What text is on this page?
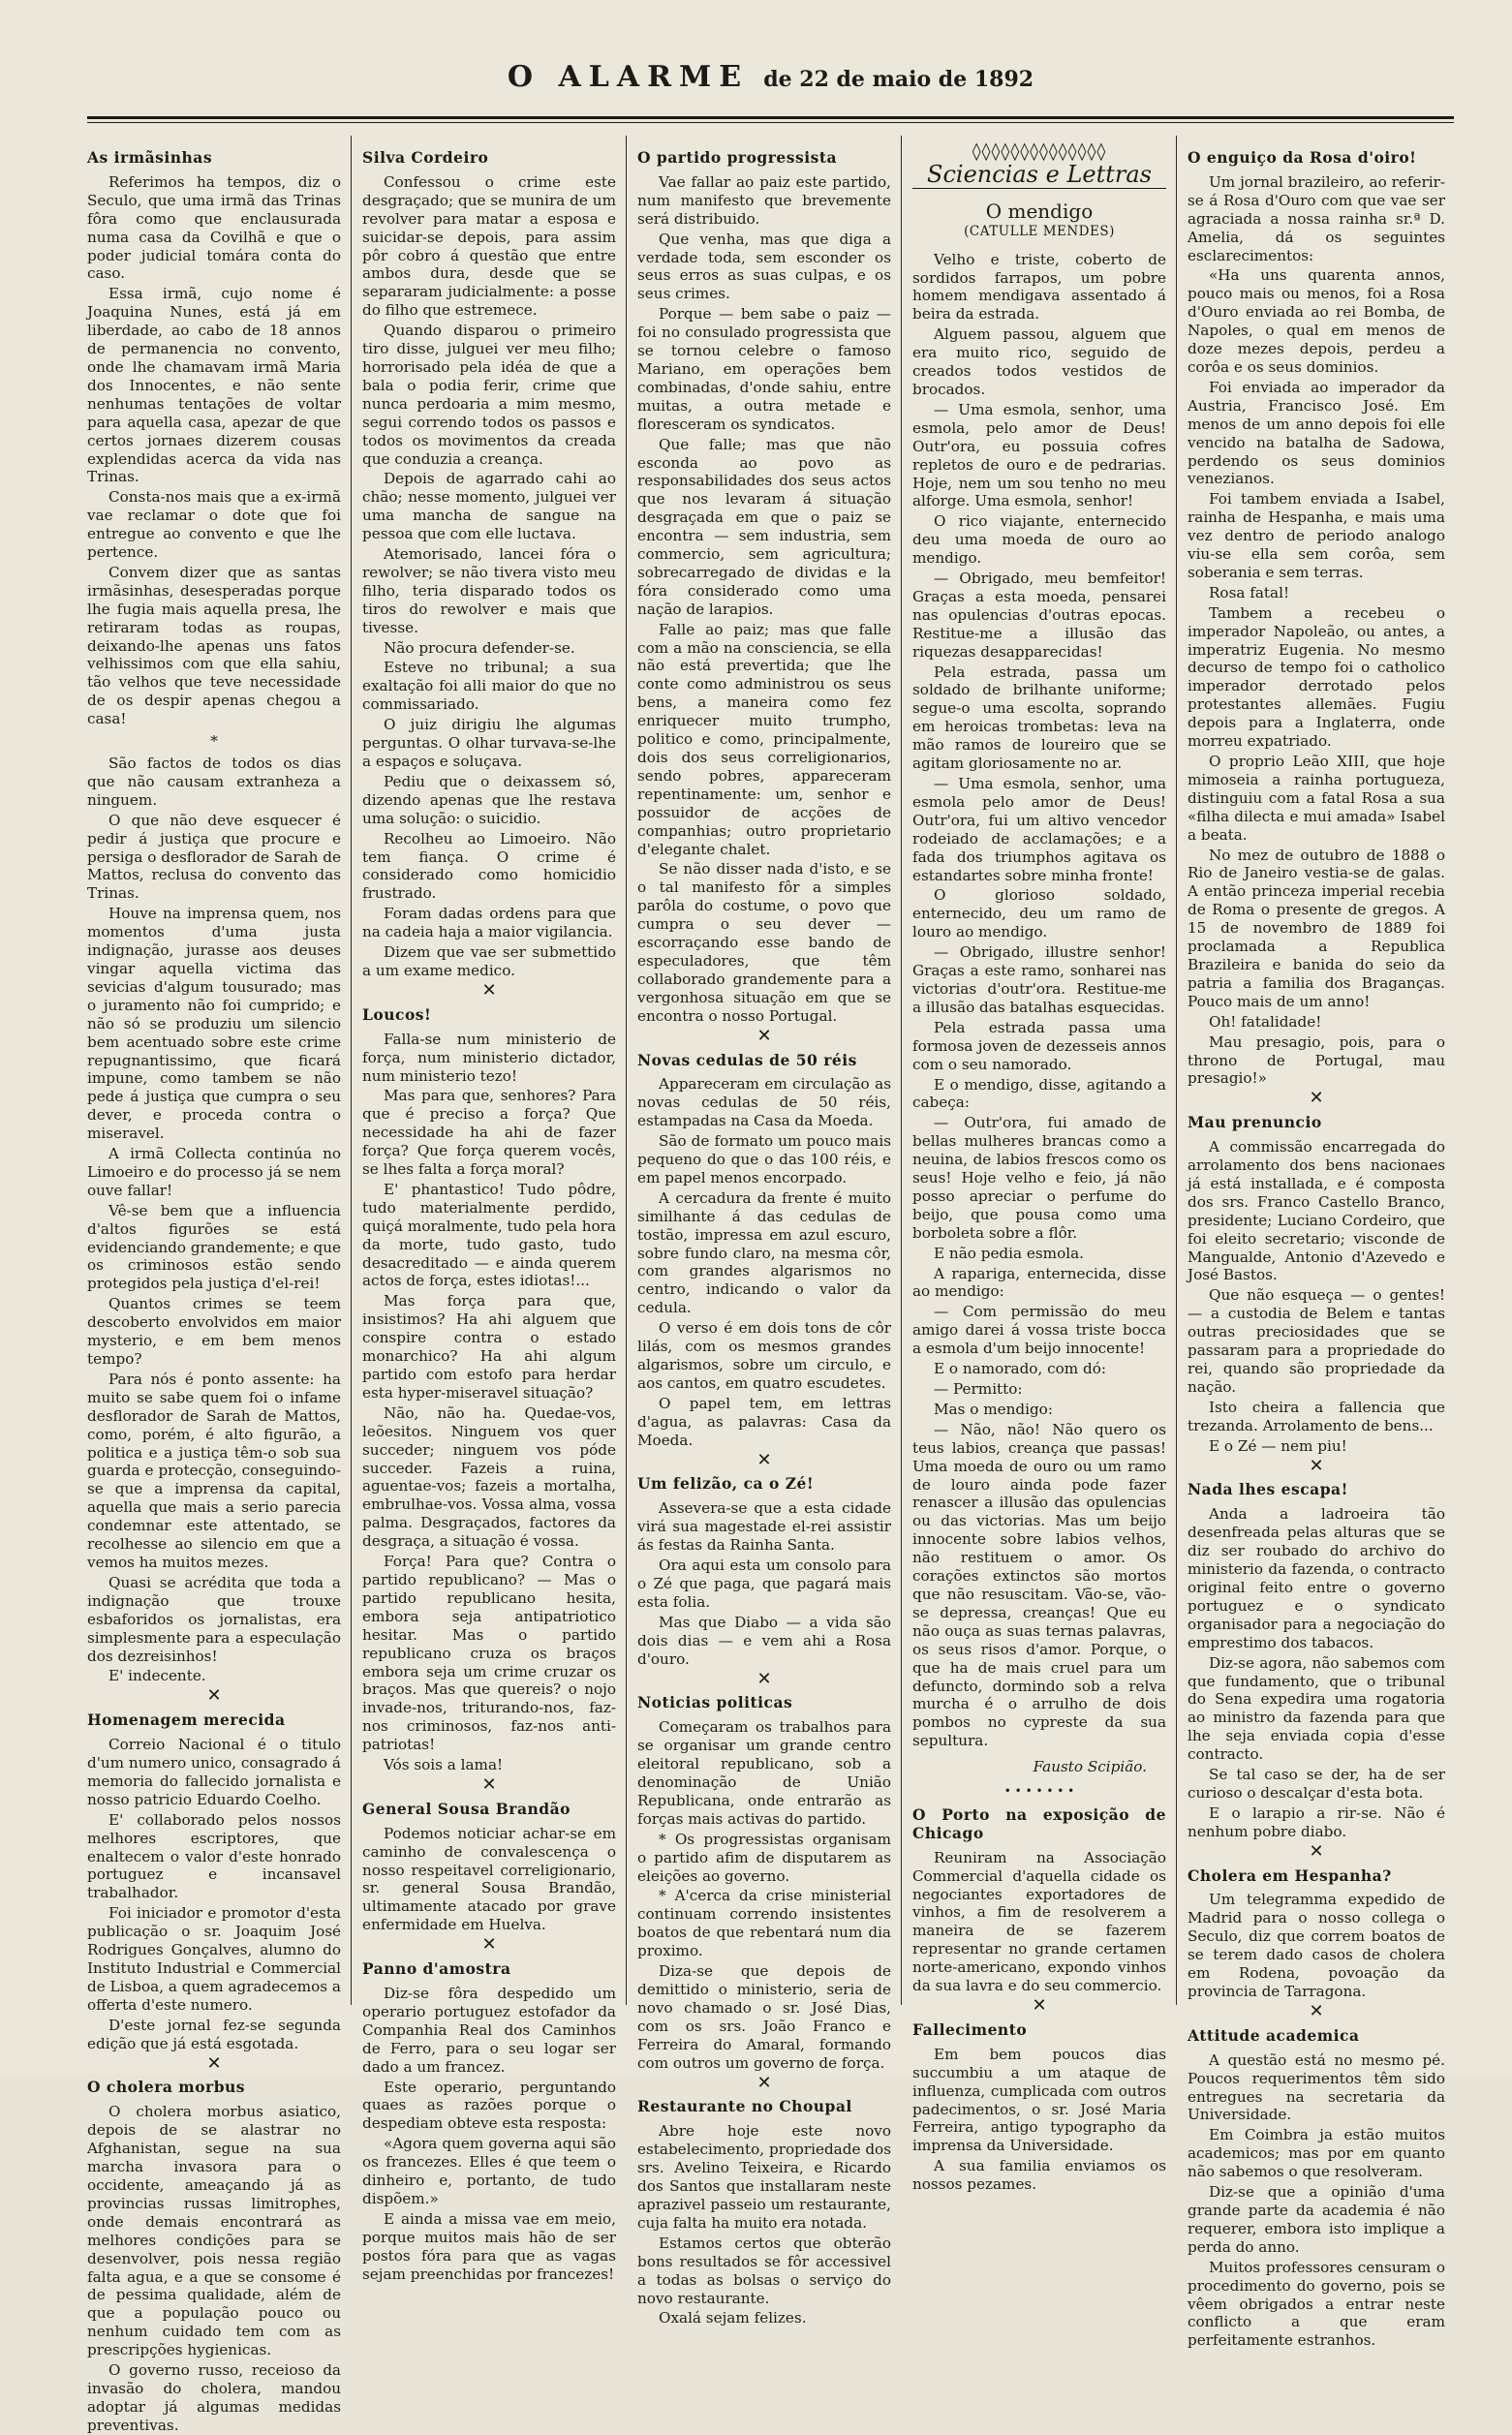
O ALARME de 22 de maio de 1892
As irmãsinhas

Referimos ha tempos, diz o Seculo, que uma irmã das Trinas fôra como que enclausurada numa casa da Covilhã e que o poder judicial tomára conta do caso.

Essa irmã, cujo nome é Joaquina Nunes, está já em liberdade, ao cabo de 18 annos de permanencia no convento, onde lhe chamavam irmã Maria dos Innocentes, e não sente nenhumas tentações de voltar para aquella casa, apezar de que certos jornaes dizerem cousas explendidas acerca da vida nas Trinas.

Consta-nos mais que a ex-irmã vae reclamar o dote que foi entregue ao convento e que lhe pertence.

Convem dizer que as santas irmãsinhas, desesperadas porque lhe fugia mais aquella presa, lhe retiraram todas as roupas, deixando-lhe apenas uns fatos velhissimos com que ella sahiu, tão velhos que teve necessidade de os despir apenas chegou a casa!

*

São factos de todos os dias que não causam extranheza a ninguem.

O que não deve esquecer é pedir á justiça que procure e persiga o desflorador de Sarah de Mattos, reclusa do convento das Trinas.

Houve na imprensa quem, nos momentos d'uma justa indignação, jurasse aos deuses vingar aquella victima das sevicias d'algum tousurado; mas o juramento não foi cumprido; e não só se produziu um silencio bem acentuado sobre este crime repugnantissimo, que ficará impune, como tambem se não pede á justiça que cumpra o seu dever, e proceda contra o miseravel.

A irmã Collecta continúa no Limoeiro e do processo já se nem ouve fallar!

Vê-se bem que a influencia d'altos figurões se está evidenciando grandemente; e que os criminosos estão sendo protegidos pela justiça d'el-rei!

Quantos crimes se teem descoberto envolvidos em maior mysterio, e em bem menos tempo?

Para nós é ponto assente: ha muito se sabe quem foi o infame desflorador de Sarah de Mattos, como, porém, é alto figurão, a politica e a justiça têm-o sob sua guarda e protecção, conseguindo-se que a imprensa da capital, aquella que mais a serio parecia condemnar este attentado, se recolhesse ao silencio em que a vemos ha muitos mezes.

Quasi se acrédita que toda a indignação que trouxe esbaforidos os jornalistas, era simplesmente para a especulação dos dezreisinhos!

E' indecente.

✕
Homenagem merecida

Correio Nacional é o titulo d'um numero unico, consagrado á memoria do fallecido jornalista e nosso patricio Eduardo Coelho.

E' collaborado pelos nossos melhores escriptores, que enaltecem o valor d'este honrado portuguez e incansavel trabalhador.

Foi iniciador e promotor d'esta publicação o sr. Joaquim José Rodrigues Gonçalves, alumno do Instituto Industrial e Commercial de Lisboa, a quem agradecemos a offerta d'este numero.

D'este jornal fez-se segunda edição que já está esgotada.

✕
O cholera morbus

O cholera morbus asiatico, depois de se alastrar no Afghanistan, segue na sua marcha invasora para o occidente, ameaçando já as provincias russas limitrophes, onde demais encontrará as melhores condições para se desenvolver, pois nessa região falta agua, e a que se consome é de pessima qualidade, além de que a população pouco ou nenhum cuidado tem com as prescripções hygienicas.

O governo russo, receioso da invasão do cholera, mandou adoptar já algumas medidas preventivas.

Silva Cordeiro

Confessou o crime este desgraçado; que se munira de um revolver para matar a esposa e suicidar-se depois, para assim pôr cobro á questão que entre ambos dura, desde que se separaram judicialmente: a posse do filho que estremece.

Quando disparou o primeiro tiro disse, julguei ver meu filho; horrorisado pela idéa de que a bala o podia ferir, crime que nunca perdoaria a mim mesmo, segui correndo todos os passos e todos os movimentos da creada que conduzia a creança.

Depois de agarrado cahi ao chão; nesse momento, julguei ver uma mancha de sangue na pessoa que com elle luctava.

Atemorisado, lancei fóra o rewolver; se não tivera visto meu filho, teria disparado todos os tiros do rewolver e mais que tivesse.

Não procura defender-se.

Esteve no tribunal; a sua exaltação foi alli maior do que no commissariado.

O juiz dirigiu lhe algumas perguntas. O olhar turvava-se-lhe a espaços e soluçava.

Pediu que o deixassem só, dizendo apenas que lhe restava uma solução: o suicidio.

Recolheu ao Limoeiro. Não tem fiança. O crime é considerado como homicidio frustrado.

Foram dadas ordens para que na cadeia haja a maior vigilancia.

Dizem que vae ser submettido a um exame medico.

✕
Loucos!

Falla-se num ministerio de força, num ministerio dictador, num ministerio tezo!

Mas para que, senhores? Para que é preciso a força? Que necessidade ha ahi de fazer força? Que força querem vocês, se lhes falta a força moral?

E' phantastico! Tudo pôdre, tudo materialmente perdido, quiçá moralmente, tudo pela hora da morte, tudo gasto, tudo desacreditado — e ainda querem actos de força, estes idiotas!...

Mas força para que, insistimos? Ha ahi alguem que conspire contra o estado monarchico? Ha ahi algum partido com estofo para herdar esta hyper-miseravel situação?

Não, não ha. Quedae-vos, leõesitos. Ninguem vos quer succeder; ninguem vos póde succeder. Fazeis a ruina, aguentae-vos; fazeis a mortalha, embrulhae-vos. Vossa alma, vossa palma. Desgraçados, factores da desgraça, a situação é vossa.

Força! Para que? Contra o partido republicano? — Mas o partido republicano hesita, embora seja antipatriotico hesitar. Mas o partido republicano cruza os braços embora seja um crime cruzar os braços. Mas que quereis? o nojo invade-nos, triturando-nos, faz-nos criminosos, faz-nos anti-patriotas!

Vós sois a lama!

✕
General Sousa Brandão

Podemos noticiar achar-se em caminho de convalescença o nosso respeitavel correligionario, sr. general Sousa Brandão, ultimamente atacado por grave enfermidade em Huelva.

✕
Panno d'amostra

Diz-se fôra despedido um operario portuguez estofador da Companhia Real dos Caminhos de Ferro, para o seu logar ser dado a um francez.

Este operario, perguntando quaes as razões porque o despediam obteve esta resposta:

«Agora quem governa aqui são os francezes. Elles é que teem o dinheiro e, portanto, de tudo dispõem.»

E ainda a missa vae em meio, porque muitos mais hão de ser postos fóra para que as vagas sejam preenchidas por francezes!

O partido progressista

Vae fallar ao paiz este partido, num manifesto que brevemente será distribuido.

Que venha, mas que diga a verdade toda, sem esconder os seus erros as suas culpas, e os seus crimes.

Porque — bem sabe o paiz — foi no consulado progressista que se tornou celebre o famoso Mariano, em operações bem combinadas, d'onde sahiu, entre muitas, a outra metade e floresceram os syndicatos.

Que falle; mas que não esconda ao povo as responsabilidades dos seus actos que nos levaram á situação desgraçada em que o paiz se encontra — sem industria, sem commercio, sem agricultura; sobrecarregado de dividas e la fóra considerado como uma nação de larapios.

Falle ao paiz; mas que falle com a mão na consciencia, se ella não está prevertida; que lhe conte como administrou os seus bens, a maneira como fez enriquecer muito trumpho, politico e como, principalmente, dois dos seus correligionarios, sendo pobres, appareceram repentinamente: um, senhor e possuidor de acções de companhias; outro proprietario d'elegante chalet.

Se não disser nada d'isto, e se o tal manifesto fôr a simples parôla do costume, o povo que cumpra o seu dever — escorraçando esse bando de especuladores, que têm collaborado grandemente para a vergonhosa situação em que se encontra o nosso Portugal.

✕
Novas cedulas de 50 réis

Appareceram em circulação as novas cedulas de 50 réis, estampadas na Casa da Moeda.

São de formato um pouco mais pequeno do que o das 100 réis, e em papel menos encorpado.

A cercadura da frente é muito similhante á das cedulas de tostão, impressa em azul escuro, sobre fundo claro, na mesma côr, com grandes algarismos no centro, indicando o valor da cedula.

O verso é em dois tons de côr lilás, com os mesmos grandes algarismos, sobre um circulo, e aos cantos, em quatro escudetes.

O papel tem, em lettras d'agua, as palavras: Casa da Moeda.

✕
Um felizão, ca o Zé!

Assevera-se que a esta cidade virá sua magestade el-rei assistir ás festas da Rainha Santa.

Ora aqui esta um consolo para o Zé que paga, que pagará mais esta folia.

Mas que Diabo — a vida são dois dias — e vem ahi a Rosa d'ouro.

✕
Noticias politicas

Começaram os trabalhos para se organisar um grande centro eleitoral republicano, sob a denominação de União Republicana, onde entrarão as forças mais activas do partido.

* Os progressistas organisam o partido afim de disputarem as eleições ao governo.

* A'cerca da crise ministerial continuam correndo insistentes boatos de que rebentará num dia proximo.

Diza-se que depois de demittido o ministerio, seria de novo chamado o sr. José Dias, com os srs. João Franco e Ferreira do Amaral, formando com outros um governo de força.

✕
Restaurante no Choupal

Abre hoje este novo estabelecimento, propriedade dos srs. Avelino Teixeira, e Ricardo dos Santos que installaram neste aprazivel passeio um restaurante, cuja falta ha muito era notada.

Estamos certos que obterão bons resultados se fôr accessivel a todas as bolsas o serviço do novo restaurante.

Oxalá sejam felizes.

◊◊◊◊◊◊◊◊◊◊◊◊◊◊
Sciencias e Lettras
O mendigo
(CATULLE MENDES)

Velho e triste, coberto de sordidos farrapos, um pobre homem mendigava assentado á beira da estrada.

Alguem passou, alguem que era muito rico, seguido de creados todos vestidos de brocados.

— Uma esmola, senhor, uma esmola, pelo amor de Deus! Outr'ora, eu possuia cofres repletos de ouro e de pedrarias. Hoje, nem um sou tenho no meu alforge. Uma esmola, senhor!

O rico viajante, enternecido deu uma moeda de ouro ao mendigo.

— Obrigado, meu bemfeitor! Graças a esta moeda, pensarei nas opulencias d'outras epocas. Restitue-me a illusão das riquezas desapparecidas!

Pela estrada, passa um soldado de brilhante uniforme; segue-o uma escolta, soprando em heroicas trombetas: leva na mão ramos de loureiro que se agitam gloriosamente no ar.

— Uma esmola, senhor, uma esmola pelo amor de Deus! Outr'ora, fui um altivo vencedor rodeiado de acclamações; e a fada dos triumphos agitava os estandartes sobre minha fronte!

O glorioso soldado, enternecido, deu um ramo de louro ao mendigo.

— Obrigado, illustre senhor! Graças a este ramo, sonharei nas victorias d'outr'ora. Restitue-me a illusão das batalhas esquecidas.

Pela estrada passa uma formosa joven de dezesseis annos com o seu namorado.

E o mendigo, disse, agitando a cabeça:

— Outr'ora, fui amado de bellas mulheres brancas como a neuina, de labios frescos como os seus! Hoje velho e feio, já não posso apreciar o perfume do beijo, que pousa como uma borboleta sobre a flôr.

E não pedia esmola.

A rapariga, enternecida, disse ao mendigo:

— Com permissão do meu amigo darei á vossa triste bocca a esmola d'um beijo innocente!

E o namorado, com dó:

— Permitto:

Mas o mendigo:

— Não, não! Não quero os teus labios, creança que passas! Uma moeda de ouro ou um ramo de louro ainda pode fazer renascer a illusão das opulencias ou das victorias. Mas um beijo innocente sobre labios velhos, não restituem o amor. Os corações extinctos são mortos que não resuscitam. Vão-se, vão-se depressa, creanças! Que eu não ouça as suas ternas palavras, os seus risos d'amor. Porque, o que ha de mais cruel para um defuncto, dormindo sob a relva murcha é o arrulho de dois pombos no cypreste da sua sepultura.

Fausto Scipião.
• • • • • • •
O Porto na exposição de Chicago

Reuniram na Associação Commercial d'aquella cidade os negociantes exportadores de vinhos, a fim de resolverem a maneira de se fazerem representar no grande certamen norte-americano, expondo vinhos da sua lavra e do seu commercio.

✕
Fallecimento

Em bem poucos dias succumbiu a um ataque de influenza, cumplicada com outros padecimentos, o sr. José Maria Ferreira, antigo typographo da imprensa da Universidade.

A sua familia enviamos os nossos pezames.

O enguiço da Rosa d'oiro!

Um jornal brazileiro, ao referir-se á Rosa d'Ouro com que vae ser agraciada a nossa rainha sr.ª D. Amelia, dá os seguintes esclarecimentos:

«Ha uns quarenta annos, pouco mais ou menos, foi a Rosa d'Ouro enviada ao rei Bomba, de Napoles, o qual em menos de doze mezes depois, perdeu a corôa e os seus dominios.

Foi enviada ao imperador da Austria, Francisco José. Em menos de um anno depois foi elle vencido na batalha de Sadowa, perdendo os seus dominios venezianos.

Foi tambem enviada a Isabel, rainha de Hespanha, e mais uma vez dentro de periodo analogo viu-se ella sem corôa, sem soberania e sem terras.

Rosa fatal!

Tambem a recebeu o imperador Napoleão, ou antes, a imperatriz Eugenia. No mesmo decurso de tempo foi o catholico imperador derrotado pelos protestantes allemães. Fugiu depois para a Inglaterra, onde morreu expatriado.

O proprio Leão XIII, que hoje mimoseia a rainha portugueza, distinguiu com a fatal Rosa a sua «filha dilecta e mui amada» Isabel a beata.

No mez de outubro de 1888 o Rio de Janeiro vestia-se de galas. A então princeza imperial recebia de Roma o presente de gregos. A 15 de novembro de 1889 foi proclamada a Republica Brazileira e banida do seio da patria a familia dos Braganças. Pouco mais de um anno!

Oh! fatalidade!

Mau presagio, pois, para o throno de Portugal, mau presagio!»

✕
Mau prenuncio

A commissão encarregada do arrolamento dos bens nacionaes já está installada, e é composta dos srs. Franco Castello Branco, presidente; Luciano Cordeiro, que foi eleito secretario; visconde de Mangualde, Antonio d'Azevedo e José Bastos.

Que não esqueça — o gentes! — a custodia de Belem e tantas outras preciosidades que se passaram para a propriedade do rei, quando são propriedade da nação.

Isto cheira a fallencia que trezanda. Arrolamento de bens...

E o Zé — nem piu!

✕
Nada lhes escapa!

Anda a ladroeira tão desenfreada pelas alturas que se diz ser roubado do archivo do ministerio da fazenda, o contracto original feito entre o governo portuguez e o syndicato organisador para a negociação do emprestimo dos tabacos.

Diz-se agora, não sabemos com que fundamento, que o tribunal do Sena expedira uma rogatoria ao ministro da fazenda para que lhe seja enviada copia d'esse contracto.

Se tal caso se der, ha de ser curioso o descalçar d'esta bota.

E o larapio a rir-se. Não é nenhum pobre diabo.

✕
Cholera em Hespanha?

Um telegramma expedido de Madrid para o nosso collega o Seculo, diz que correm boatos de se terem dado casos de cholera em Rodena, povoação da provincia de Tarragona.

✕
Attitude academica

A questão está no mesmo pé. Poucos requerimentos têm sido entregues na secretaria da Universidade.

Em Coimbra ja estão muitos academicos; mas por em quanto não sabemos o que resolveram.

Diz-se que a opinião d'uma grande parte da academia é não requerer, embora isto implique a perda do anno.

Muitos professores censuram o procedimento do governo, pois se vêem obrigados a entrar neste conflicto a que eram perfeitamente estranhos.
